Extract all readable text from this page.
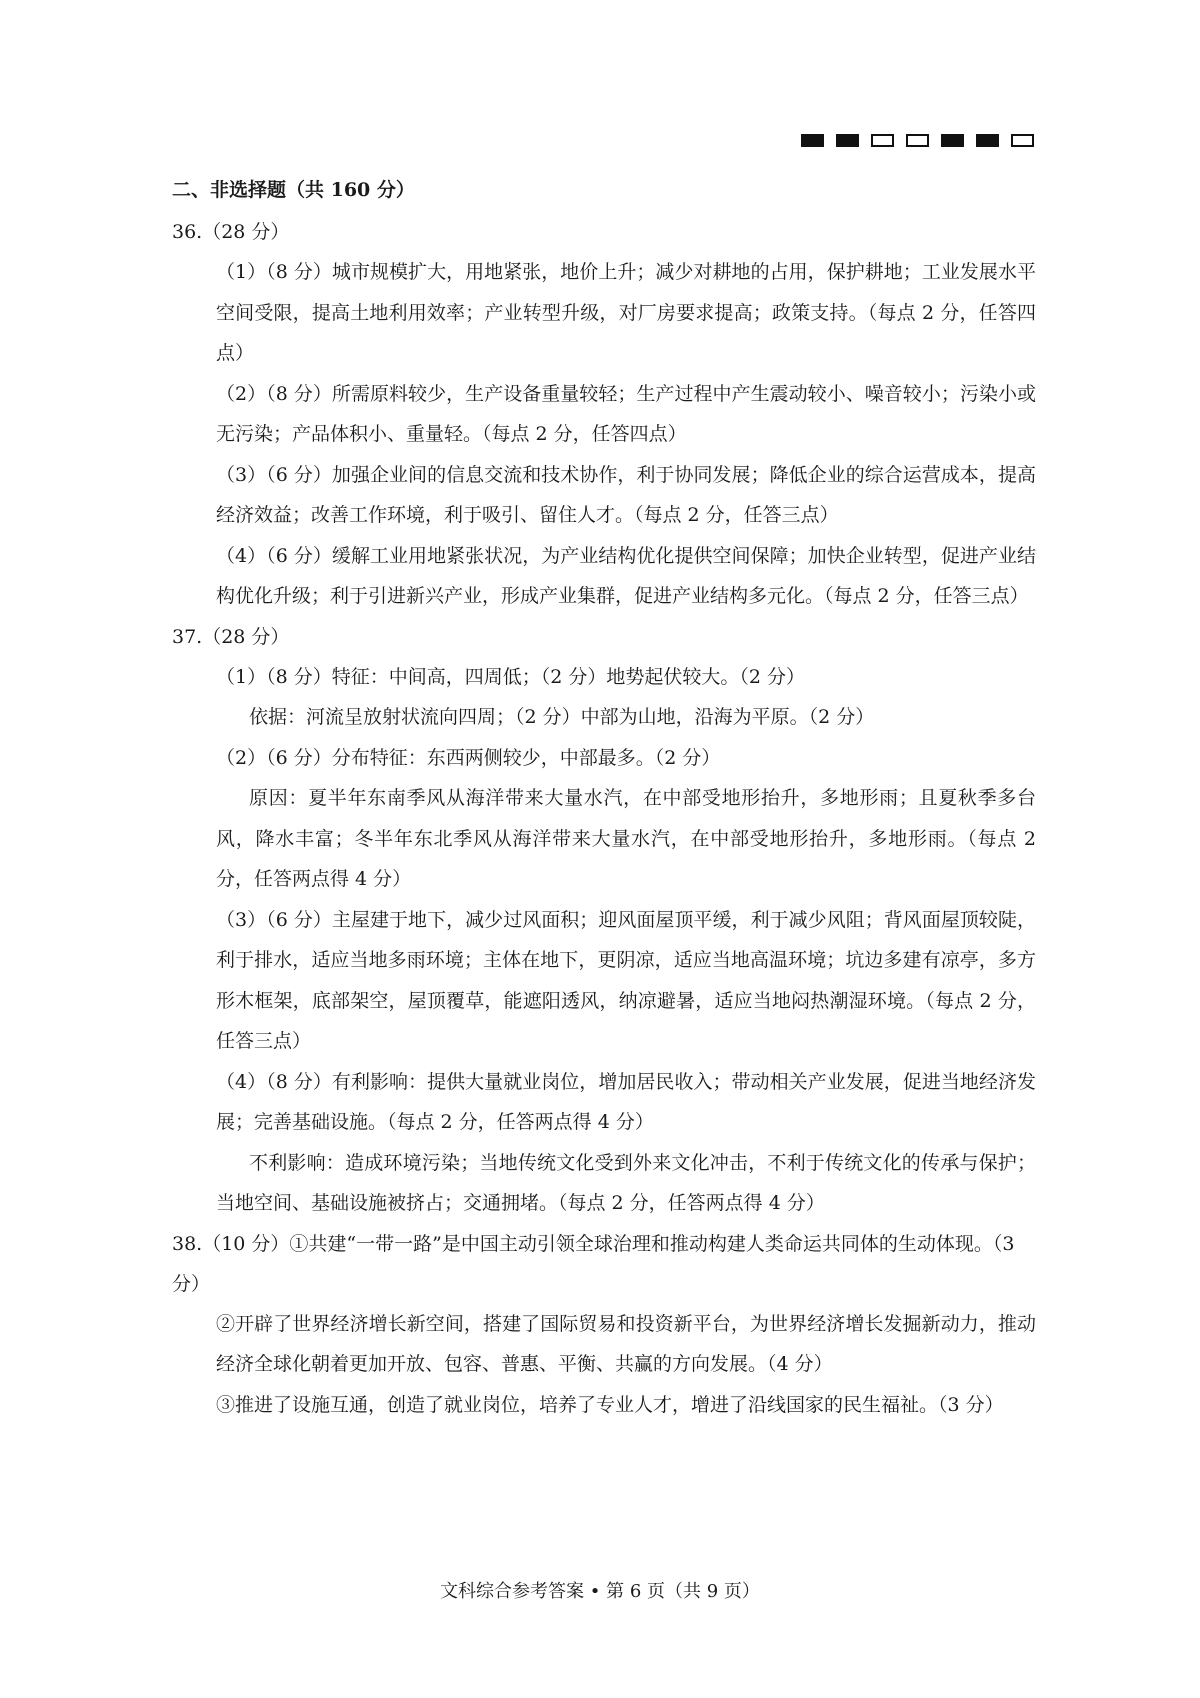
二、非选择题（共 160 分）
36.（28 分）
（1）（8 分）城市规模扩大，用地紧张，地价上升；减少对耕地的占用，保护耕地；工业发展水平空间受限，提高土地利用效率；产业转型升级，对厂房要求提高；政策支持。（每点 2 分，任答四点）
（2）（8 分）所需原料较少，生产设备重量较轻；生产过程中产生震动较小、噪音较小；污染小或无污染；产品体积小、重量轻。（每点 2 分，任答四点）
（3）（6 分）加强企业间的信息交流和技术协作，利于协同发展；降低企业的综合运营成本，提高经济效益；改善工作环境，利于吸引、留住人才。（每点 2 分，任答三点）
（4）（6 分）缓解工业用地紧张状况，为产业结构优化提供空间保障；加快企业转型，促进产业结构优化升级；利于引进新兴产业，形成产业集群，促进产业结构多元化。（每点 2 分，任答三点）
37.（28 分）
（1）（8 分）特征：中间高，四周低；（2 分）地势起伏较大。（2 分）
依据：河流呈放射状流向四周；（2 分）中部为山地，沿海为平原。（2 分）
（2）（6 分）分布特征：东西两侧较少，中部最多。（2 分）
原因：夏半年东南季风从海洋带来大量水汽，在中部受地形抬升，多地形雨；且夏秋季多台风，降水丰富；冬半年东北季风从海洋带来大量水汽，在中部受地形抬升，多地形雨。（每点 2 分，任答两点得 4 分）
（3）（6 分）主屋建于地下，减少过风面积；迎风面屋顶平缓，利于减少风阻；背风面屋顶较陡，利于排水，适应当地多雨环境；主体在地下，更阴凉，适应当地高温环境；坑边多建有凉亭，多方形木框架，底部架空，屋顶覆草，能遮阳透风，纳凉避暑，适应当地闷热潮湿环境。（每点 2 分，任答三点）
（4）（8 分）有利影响：提供大量就业岗位，增加居民收入；带动相关产业发展，促进当地经济发展；完善基础设施。（每点 2 分，任答两点得 4 分）
不利影响：造成环境污染；当地传统文化受到外来文化冲击，不利于传统文化的传承与保护；当地空间、基础设施被挤占；交通拥堵。（每点 2 分，任答两点得 4 分）
38.（10 分）①共建“一带一路”是中国主动引领全球治理和推动构建人类命运共同体的生动体现。（3 分）
②开辟了世界经济增长新空间，搭建了国际贸易和投资新平台，为世界经济增长发掘新动力，推动经济全球化朝着更加开放、包容、普惠、平衡、共赢的方向发展。（4 分）
③推进了设施互通，创造了就业岗位，培养了专业人才，增进了沿线国家的民生福祉。（3 分）
文科综合参考答案 • 第 6 页（共 9 页）
